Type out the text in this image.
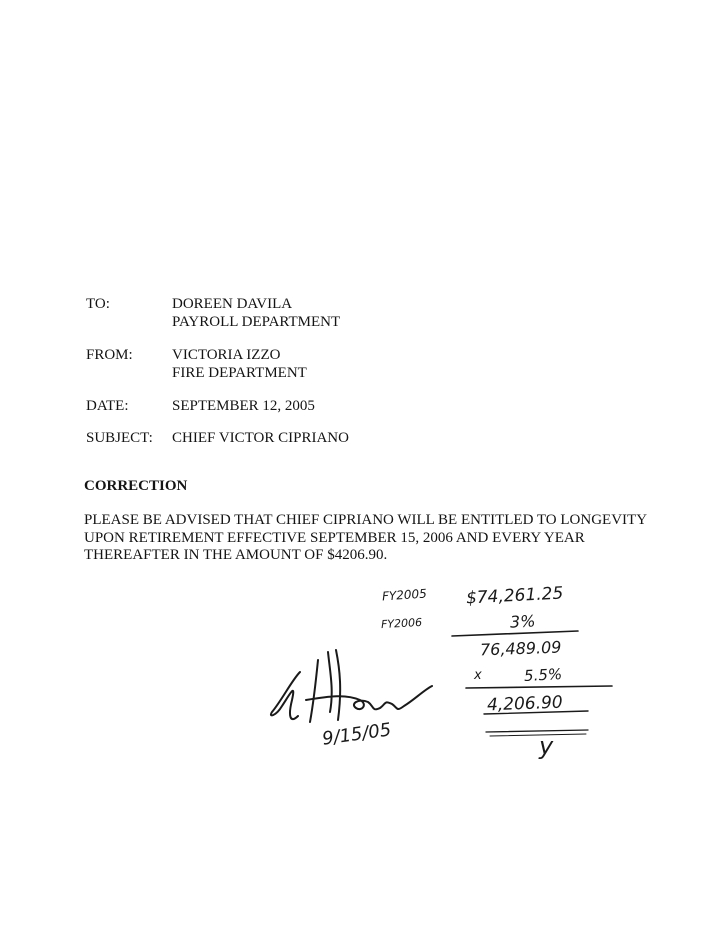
TO:	DOREEN DAVILA
PAYROLL DEPARTMENT
FROM:	VICTORIA IZZO
FIRE DEPARTMENT
DATE:	SEPTEMBER 12, 2005
SUBJECT:	CHIEF VICTOR CIPRIANO
CORRECTION
PLEASE BE ADVISED THAT CHIEF CIPRIANO WILL BE ENTITLED TO LONGEVITY
UPON RETIREMENT EFFECTIVE SEPTEMBER 15, 2006 AND EVERY YEAR
THEREAFTER IN THE AMOUNT OF $4206.90.
FY2005 $74,261.25
FY2006	3%
76,489.09
x	5.5%
4,206.90
y
9/15/05
